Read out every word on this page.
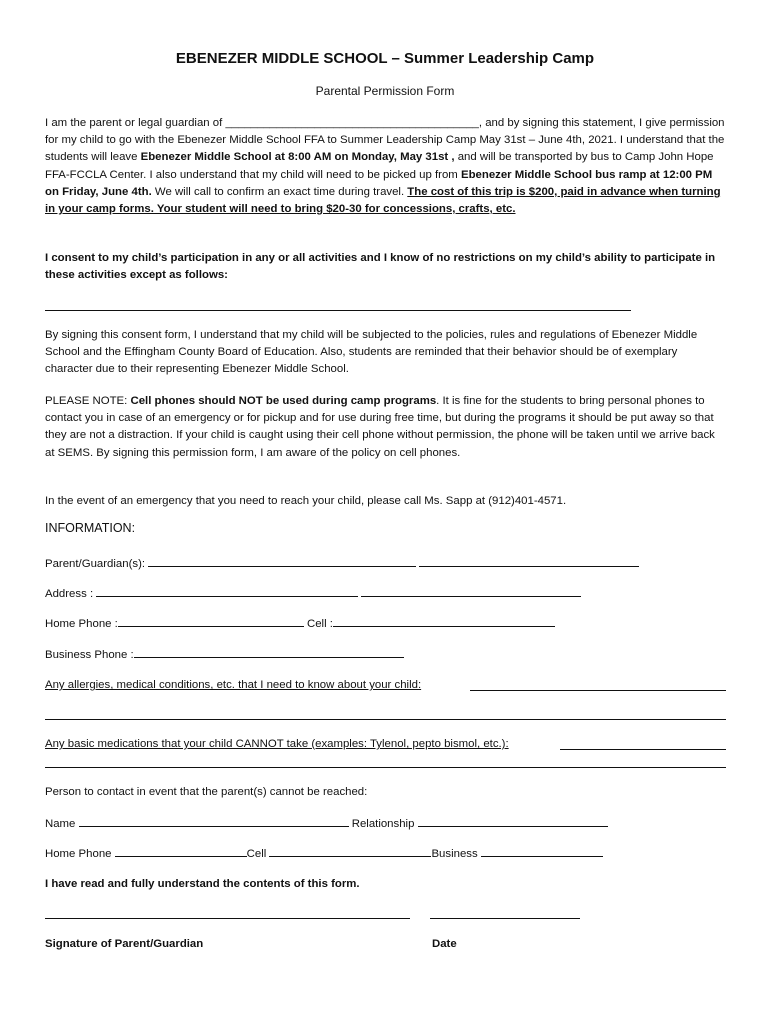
EBENEZER MIDDLE SCHOOL – Summer Leadership Camp
Parental Permission Form
I am the parent or legal guardian of ________________________________________, and by signing this statement, I give permission for my child to go with the Ebenezer Middle School FFA to Summer Leadership Camp May 31st – June 4th, 2021. I understand that the students will leave Ebenezer Middle School at 8:00 AM on Monday, May 31st , and will be transported by bus to Camp John Hope FFA-FCCLA Center. I also understand that my child will need to be picked up from Ebenezer Middle School bus ramp at 12:00 PM on Friday, June 4th. We will call to confirm an exact time during travel. The cost of this trip is $200, paid in advance when turning in your camp forms. Your student will need to bring $20-30 for concessions, crafts, etc.
I consent to my child’s participation in any or all activities and I know of no restrictions on my child’s ability to participate in these activities except as follows:
By signing this consent form, I understand that my child will be subjected to the policies, rules and regulations of Ebenezer Middle School and the Effingham County Board of Education. Also, students are reminded that their behavior should be of exemplary character due to their representing Ebenezer Middle School.
PLEASE NOTE: Cell phones should NOT be used during camp programs. It is fine for the students to bring personal phones to contact you in case of an emergency or for pickup and for use during free time, but during the programs it should be put away so that they are not a distraction. If your child is caught using their cell phone without permission, the phone will be taken until we arrive back at SEMS. By signing this permission form, I am aware of the policy on cell phones.
In the event of an emergency that you need to reach your child, please call Ms. Sapp at (912)401-4571.
INFORMATION:
Parent/Guardian(s):
Address :
Home Phone :	Cell :
Business Phone :
Any allergies, medical conditions, etc. that I need to know about your child:
Any basic medications that your child CANNOT take (examples: Tylenol, pepto bismol, etc.):
Person to contact in event that the parent(s) cannot be reached:
Name	Relationship
Home Phone	Cell	Business
I have read and fully understand the contents of this form.
Signature of Parent/Guardian	Date
